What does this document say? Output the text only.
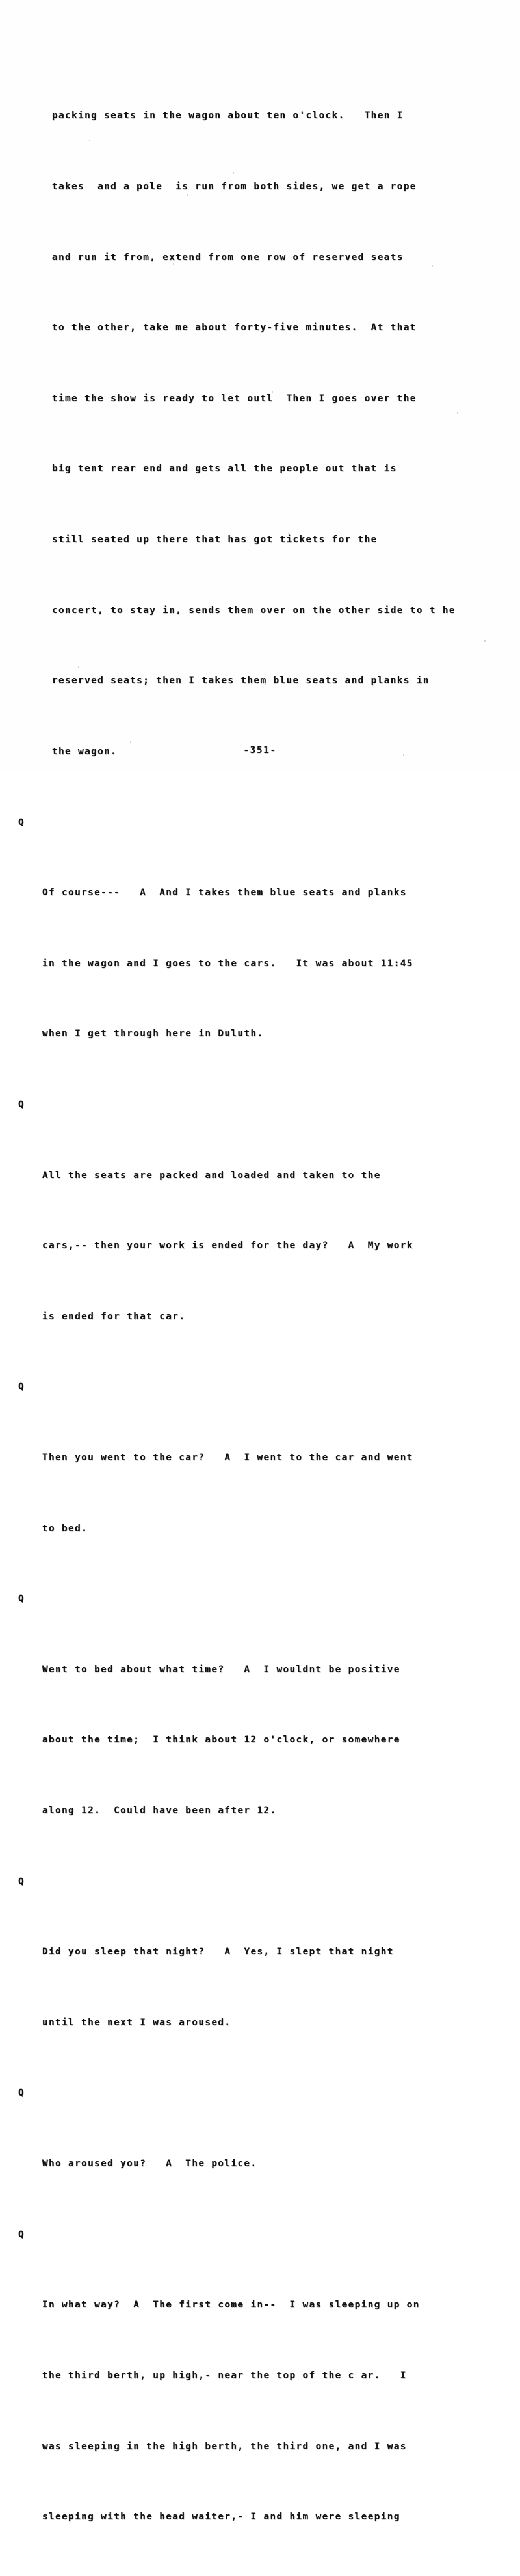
packing seats in the wagon about ten o'clock.   Then I

takes  and a pole  is run from both sides, we get a rope

and run it from, extend from one row of reserved seats

to the other, take me about forty-five minutes.  At that

time the show is ready to let outl  Then I goes over the

big tent rear end and gets all the people out that is

still seated up there that has got tickets for the

concert, to stay in, sends them over on the other side to t he

reserved seats; then I takes them blue seats and planks in

the wagon.

Q

Of course---   A  And I takes them blue seats and planks

in the wagon and I goes to the cars.   It was about 11:45

when I get through here in Duluth.

Q

All the seats are packed and loaded and taken to the

cars,-- then your work is ended for the day?   A  My work

is ended for that car.

Q

Then you went to the car?   A  I went to the car and went

to bed.

Q

Went to bed about what time?   A  I wouldnt be positive

about the time;  I think about 12 o'clock, or somewhere

along 12.  Could have been after 12.

Q

Did you sleep that night?   A  Yes, I slept that night

until the next I was aroused.

Q

Who aroused you?   A  The police.

Q

In what way?  A  The first come in--  I was sleeping up on

the third berth, up high,- near the top of the c ar.   I

was sleeping in the high berth, the third one, and I was

sleeping with the head waiter,- I and him were sleeping

-351-
